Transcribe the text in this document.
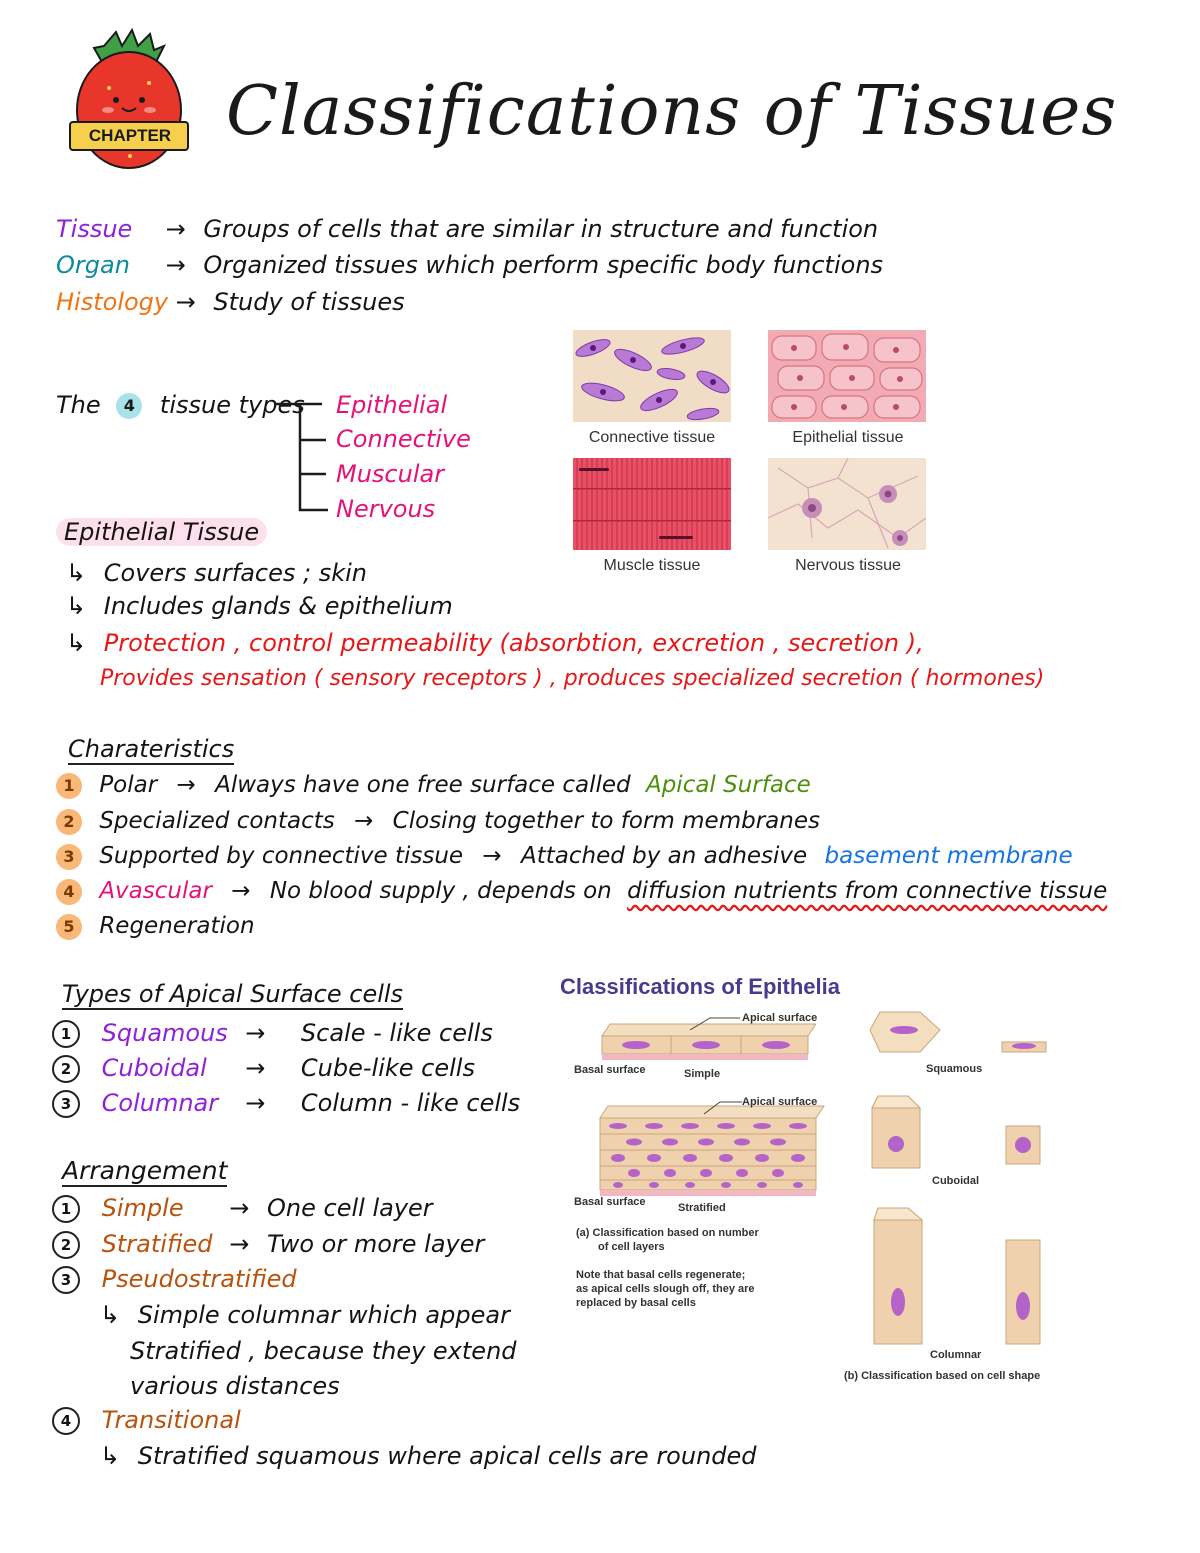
CHAPTER Classifications of Tissues
Tissue → Groups of cells that are similar in structure and function
Organ → Organized tissues which perform specific body functions
Histology → Study of tissues
The 4 tissue types Epithelial
Connective
Muscular
Nervous
Connective tissue	Epithelial tissue
Muscle tissue	Nervous tissue
Epithelial Tissue
↳ Covers surfaces ; skin
↳ Includes glands & epithelium
↳ Protection , control permeability (absorbtion, excretion , secretion ),
Provides sensation ( sensory receptors ) , produces specialized secretion ( hormones)
Charateristics
1 Polar → Always have one free surface called Apical Surface
2 Specialized contacts → Closing together to form membranes
3 Supported by connective tissue → Attached by an adhesive basement membrane
4 Avascular → No blood supply , depends on diffusion nutrients from connective tissue
5 Regeneration
Types of Apical Surface cells
1 Squamous → Scale - like cells
2 Cuboidal → Cube-like cells
3 Columnar → Column - like cells
Arrangement
1 Simple → One cell layer
2 Stratified → Two or more layer
3 Pseudostratified
↳ Simple columnar which appear
Stratified , because they extend
various distances
4 Transitional
↳ Stratified squamous where apical cells are rounded
Classifications of Epithelia
Apical surface
Basal surface	Simple
Apical surface
Basal surface	Stratified
(a) Classification based on number
of cell layers
Note that basal cells regenerate;
as apical cells slough off, they are
replaced by basal cells
Squamous
Cuboidal
Columnar
(b) Classification based on cell shape
